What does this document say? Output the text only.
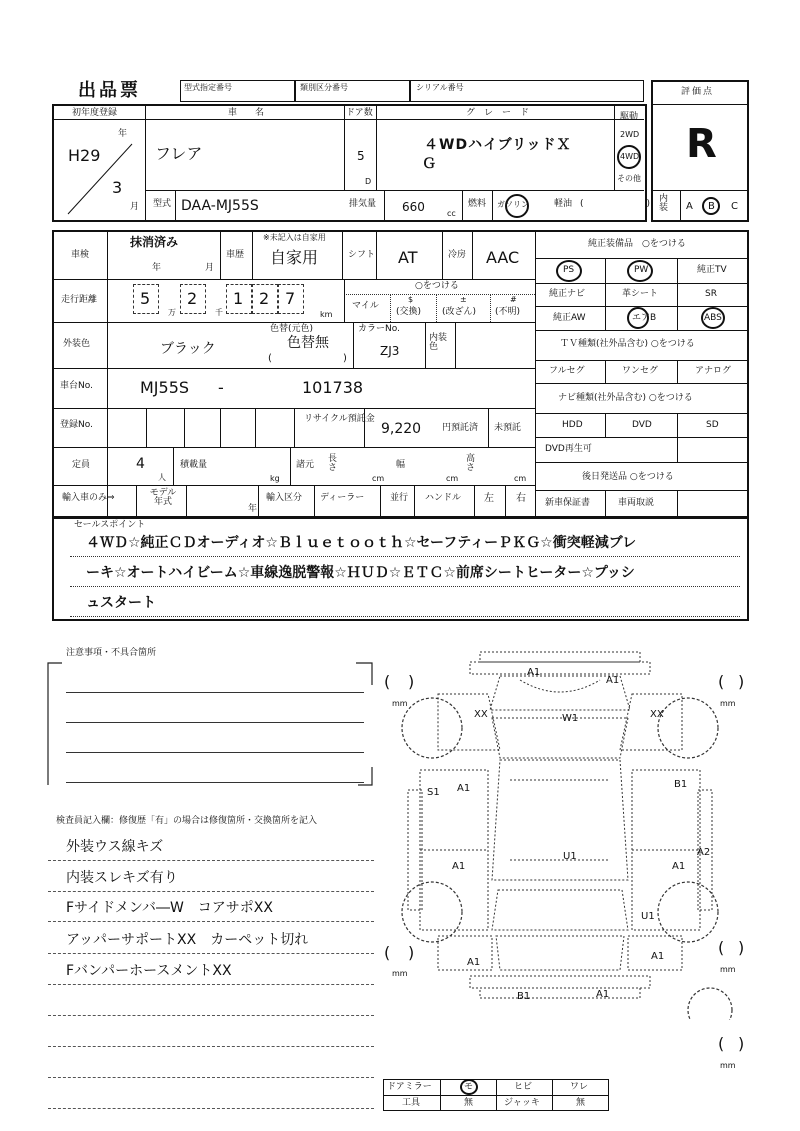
出品票	型式指定番号	類別区分番号	シリアル番号	評価点
R
内装 A B C
初年度登録
年
H29
3
月
車　　名
フレア
ドア数
5
D
グ　レ　ー　ド
４WDハイブリッドＸ
Ｇ
駆動
2WD
4WD
その他
型式 DAA-MJ55S	排気量 660	cc
燃料 ガソリン	軽油 (　　　　　　　)
車検
抹消済み
年	月
車歴
※未記入は自家用
自家用	シフト AT	冷房 AAC
走行距離	5 2 1 2 7
万	千	km
○をつける
マイル
$
(交換)
±
(改ざん)
#
(不明)
外装色	ブラック
色替(元色)
色替無
(	)
カラーNo.
ZJ3
内装色
車台No.	MJ55S -	101738
登録No.
リサイクル預託金
9,220 円預託済 未預託
定員	4
人
積載量
kg
諸元
長さ
cm
幅
cm
高さ
cm
輸入車のみ⇒	モデル年式
年
輸入区分 ディーラー	並行 ハンドル 左 右
純正装備品　○をつける
PS	PW	純正TV
純正ナビ	革シート	SR
純正AW	エアB	ABS
ＴＶ種類(社外品含む) ○をつける
フルセグ	ワンセグ	アナログ
ナビ種類(社外品含む) ○をつける
HDD	DVD	SD
DVD再生可
後日発送品 ○をつける
新車保証書	車両取説
セールスポイント
４ＷＤ☆純正ＣＤオーディオ☆Ｂｌｕｅｔｏｏｔｈ☆セーフティーＰＫＧ☆衝突軽減ブレ
ーキ☆オートハイビーム☆車線逸脱警報☆ＨＵＤ☆ＥＴＣ☆前席シートヒーター☆プッシ
ュスタート
注意事項・不具合箇所
検査員記入欄：修復歴「有」の場合は修復箇所・交換箇所を記入
外装ウス線キズ
内装スレキズ有り
Fサイドメンバ―W　コアサポXX
アッパーサポートXX　カーペット切れ
FバンパーホースメントXX
( )
mm
( )
mm
( )
mm
( )
mm
( )
mm
A1
A1
W1
XX	XX
S1 A1	B1
U1
A1
A2
A1
U1
A1
A1
B1	A1
ドアミラー	モ	ヒビ	ワレ
工具	無	ジャッキ	無
